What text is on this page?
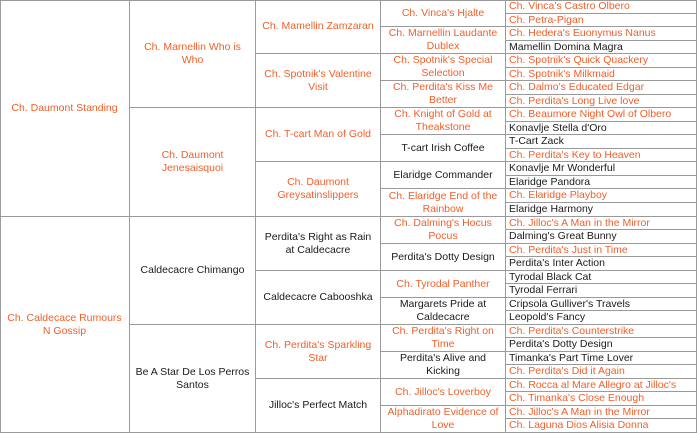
Ch. Daumont Standing
Ch. Caldecace Rumours N Gossip
Ch. Marnellin Who is Who
Ch. Daumont Jenesaisquoi
Caldecacre Chimango
Be A Star De Los Perros Santos
Ch. Mamellin Zamzaran
Ch. Spotnik's Valentine Visit
Ch. T-cart Man of Gold
Ch. Daumont Greysatinslippers
Perdita's Right as Rain at Caldecacre
Caldecacre Cabooshka
Ch. Perdita's Sparkling Star
Jilloc's Perfect Match
Ch. Vinca's Hjalte
Ch. Marnellin Laudante Dublex
Ch. Spotnik's Special Selection
Ch. Perdita's Kiss Me Better
Ch. Knight of Gold at Theakstone
T-cart Irish Coffee
Elaridge Commander
Ch. Elaridge End of the Rainbow
Ch. Dalming's Hocus Pocus
Perdita's Dotty Design
Ch. Tyrodal Panther
Margarets Pride at Caldecacre
Ch. Perdita's Right on Time
Perdita's Alive and Kicking
Ch. Jilloc's Loverboy
Alphadirato Evidence of Love
Ch. Vinca's Castro Olbero
Ch. Petra-Pigan
Ch. Hedera's Euonymus Nanus
Mamellin Domina Magra
Ch. Spotnik's Quick Quackery
Ch. Spotnik's Milkmaid
Ch. Dalmo's Educated Edgar
Ch. Perdita's Long Live love
Ch. Beaumore Night Owl of Olbero
Konavlje Stella d'Oro
T-Cart Zack
Ch. Perdita's Key to Heaven
Konavlje Mr Wonderful
Elaridge Pandora
Ch. Elaridge Playboy
Elaridge Harmony
Ch. Jilloc's A Man in the Mirror
Dalming's Great Bunny
Ch. Perdita's Just in Time
Perdita's Inter Action
Tyrodal Black Cat
Tyrodal Ferrari
Cripsola Gulliver's Travels
Leopold's Fancy
Ch. Perdita's Counterstrike
Perdita's Dotty Design
Timanka's Part Time Lover
Ch. Perdita's Did it Again
Ch. Rocca al Mare Allegro at Jilloc's
Ch. Timanka's Close Enough
Ch. Jilloc's A Man in the Mirror
Ch. Laguna Dios Alisia Donna
